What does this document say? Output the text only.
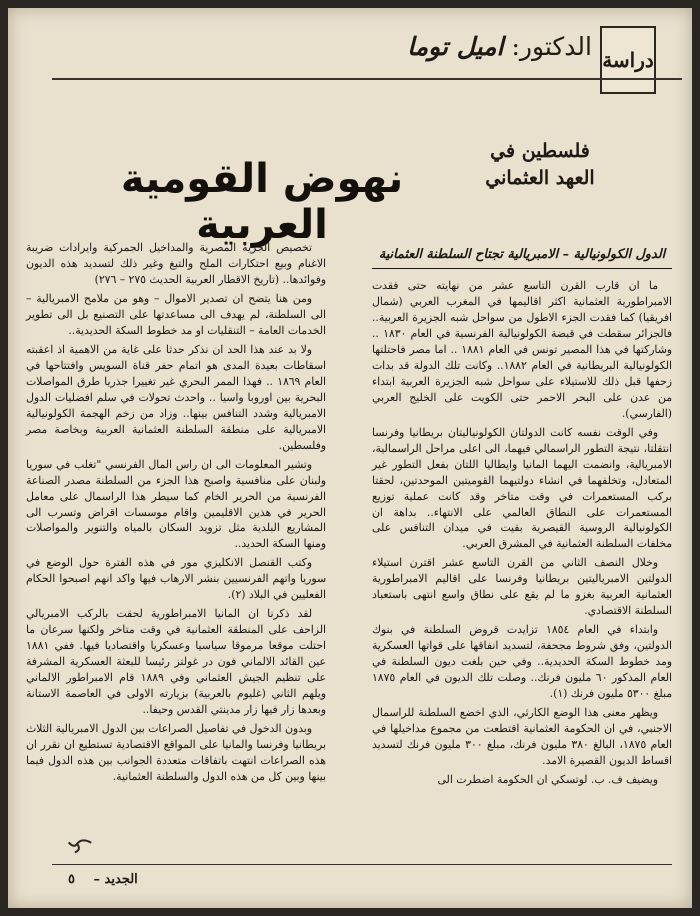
دراسة
الدكتور: اميل توما
فلسطين في
العهد العثماني
نهوض القومية العربية
الدول الكولونيالية – الامبريالية تجتاح السلطنة العثمانية

ما ان قارب القرن التاسع عشر من نهايته حتى فقدت الامبراطورية العثمانية اكثر اقاليمها في المغرب العربي (شمال افريقيا) كما فقدت الجزء الاطول من سواحل شبه الجزيرة العربية.. فالجزائر سقطت في قبضة الكولونيالية الفرنسية في العام ١٨٣٠ .. وشاركتها في هذا المصير تونس في العام ١٨٨١ .. اما مصر فاحتلتها الكولونيالية البريطانية في العام ١٨٨٢.. وكانت تلك الدولة قد بدات زحفها قبل ذلك للاستيلاء على سواحل شبه الجزيرة العربية ابتداء من عدن على البحر الاحمر حتى الكويت على الخليج العربي (الفارسي).

وفي الوقت نفسه كانت الدولتان الكولونياليتان بريطانيا وفرنسا انتقلتا، نتيجة التطور الراسمالي فيهما، الى اعلى مراحل الراسمالية، الامبريالية، وانضمت اليهما المانيا وايطاليا اللتان بفعل التطور غير المتعادل، وتخلفهما في انشاء دولتيهما القوميتين الموحدتين، لحقتا بركب المستعمرات في وقت متاخر وقد كانت عملية توزيع المستعمرات على النطاق العالمي على الانتهاء.. بداهة ان الكولونيالية الروسية القيصرية بقيت في ميدان التنافس على مخلفات السلطنة العثمانية في المشرق العربي.

وخلال النصف الثاني من القرن التاسع عشر اقترن استيلاء الدولتين الامبرياليتين بريطانيا وفرنسا على اقاليم الامبراطورية العثمانية العربية بغزو ما لم يقع على نطاق واسع انتهى باستعباد السلطنة الاقتصادي.

وابتداء في العام ١٨٥٤ تزايدت قروض السلطنة في بنوك الدولتين، وفق شروط مجحفة، لتسديد انفاقها على قواتها العسكرية ومد خطوط السكة الحديدية.. وفي حين بلغت ديون السلطنة في العام المذكور ٦٠ مليون فرنك.. وصلت تلك الديون في العام ١٨٧٥ مبلغ ٥٣٠٠ مليون فرنك (١).

ويظهر معنى هذا الوضع الكارثي، الذي اخضع السلطنة للراسمال الاجنبي، في ان الحكومة العثمانية اقتطعت من مجموع مداخيلها في العام ١٨٧٥، البالغ ٣٨٠ مليون فرنك، مبلغ ٣٠٠ مليون فرنك لتسديد اقساط الديون القصيرة الامد.

ويضيف ف. ب. لوتسكي ان الحكومة اضطرت الى

تخصيص الجزية المصرية والمداخيل الجمركية وايرادات ضريبة الاغنام وبيع احتكارات الملح والتبغ وغير ذلك لتسديد هذه الديون وفوائدها.. (تاريخ الاقطار العربية الحديث ٢٧٥ – ٢٧٦)

ومن هنا يتضح ان تصدير الاموال – وهو من ملامح الامبريالية – الى السلطنة، لم يهدف الى مساعدتها على التصنيع بل الى تطوير الخدمات العامة – التنقليات او مد خطوط السكة الحديدية..

ولا بد عند هذا الحد ان نذكر حدثا على غاية من الاهمية اذ اعقبته اسقاطات بعيدة المدى هو اتمام حفر قناة السويس وافتتاحها في العام ١٨٦٩ .. فهذا الممر البحري غير تغييرا جذريا طرق المواصلات البحرية بين اوروبا واسيا .. واحدث تحولات في سلم افضليات الدول الامبريالية وشدد التنافس بينها.. وزاد من زخم الهجمة الكولونيالية الامبريالية على منطقة السلطنة العثمانية العربية وبخاصة مصر وفلسطين.

وتشير المعلومات الى ان راس المال الفرنسي "تغلب في سوريا ولبنان على منافسية واصبح هذا الجزء من السلطنة مصدر الصناعة الفرنسية من الحرير الخام كما سيطر هذا الراسمال على معامل الحرير في هذين الاقليمين واقام موسسات اقراض وتسرب الى المشاريع البلدية مثل تزويد السكان بالمياه والتنوير والمواصلات ومنها السكة الحديد..

وكتب القنصل الانكليزي مور في هذه الفترة حول الوضع في سوريا واتهم الفرنسيين بنشر الارهاب فيها واكد انهم اصبحوا الحكام الفعليين في البلاد (٢).

لقد ذكرنا ان المانيا الامبراطورية لحقت بالركب الامبريالي الزاحف على المنطقة العثمانية في وقت متاخر ولكنها سرعان ما احتلت موقعا مرموقا سياسيا وعسكريا واقتصاديا فيها. ففي ١٨٨١ عين القائد الالماني فون در غولتز رئيسا للبعثة العسكرية المشرفة على تنظيم الجيش العثماني وفي ١٨٨٩ قام الامبراطور الالماني ويلهم الثاني (غليوم بالعربية) بزيارته الاولى في العاصمة الاستانة وبعدها زار فيها زار مدينتي القدس وحيفا..

وبدون الدخول في تفاصيل الصراعات بين الدول الامبريالية الثلاث بريطانيا وفرنسا والمانيا على المواقع الاقتصادية تستطيع ان نقرر ان هذه الصراعات انتهت باتفاقات متعددة الجوانب بين هذه الدول فيما بينها وبين كل من هذه الدول والسلطنة العثمانية.

الجديد – ٥
